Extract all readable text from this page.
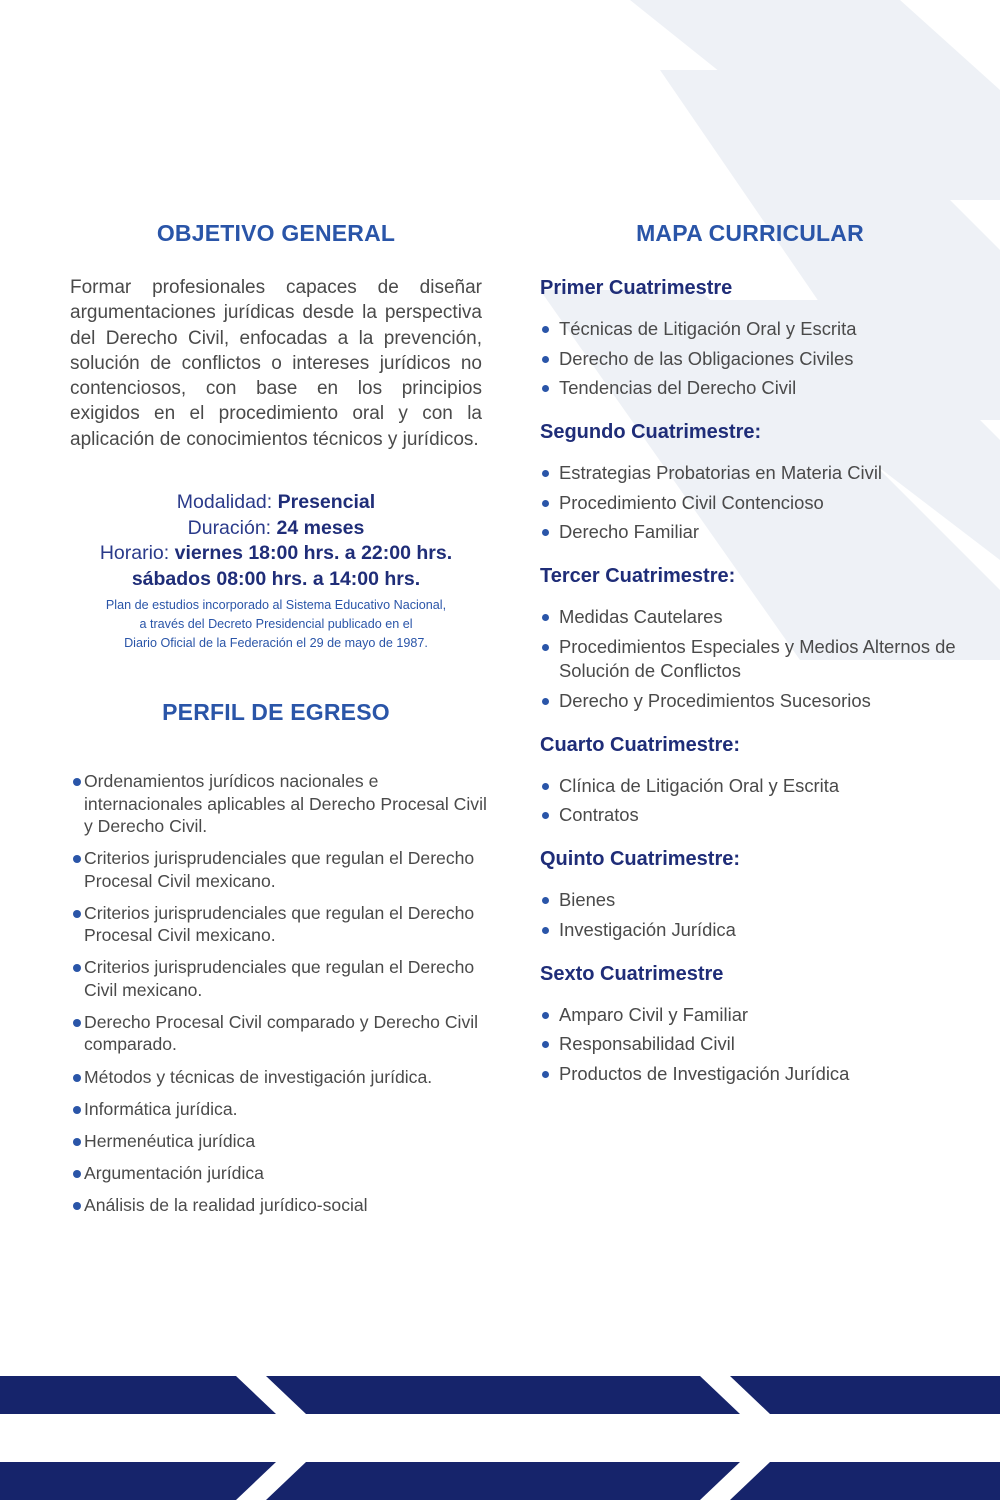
OBJETIVO GENERAL

Formar profesionales capaces de diseñar argumentaciones jurídicas desde la perspectiva del Derecho Civil, enfocadas a la prevención, solución de conflictos o intereses jurídicos no contenciosos, con base en los principios exigidos en el procedimiento oral y con la aplicación de conocimientos técnicos y jurídicos.

Modalidad: Presencial
Duración: 24 meses
Horario: viernes 18:00 hrs. a 22:00 hrs.
sábados 08:00 hrs. a 14:00 hrs.
Plan de estudios incorporado al Sistema Educativo Nacional,
a través del Decreto Presidencial publicado en el
Diario Oficial de la Federación el 29 de mayo de 1987.
PERFIL DE EGRESO
Ordenamientos jurídicos nacionales e internacionales aplicables al Derecho Procesal Civil y Derecho Civil.
Criterios jurisprudenciales que regulan el Derecho Procesal Civil mexicano.
Criterios jurisprudenciales que regulan el Derecho Procesal Civil mexicano.
Criterios jurisprudenciales que regulan el Derecho Civil mexicano.
Derecho Procesal Civil comparado y Derecho Civil comparado.
Métodos y técnicas de investigación jurídica.
Informática jurídica.
Hermenéutica jurídica
Argumentación jurídica
Análisis de la realidad jurídico-social
MAPA CURRICULAR
Primer Cuatrimestre
Técnicas de Litigación Oral y Escrita
Derecho de las Obligaciones Civiles
Tendencias del Derecho Civil
Segundo Cuatrimestre:
Estrategias Probatorias en Materia Civil
Procedimiento Civil Contencioso
Derecho Familiar
Tercer Cuatrimestre:
Medidas Cautelares
Procedimientos Especiales y Medios Alternos de Solución de Conflictos
Derecho y Procedimientos Sucesorios
Cuarto Cuatrimestre:
Clínica de Litigación Oral y Escrita
Contratos
Quinto Cuatrimestre:
Bienes
Investigación Jurídica
Sexto Cuatrimestre
Amparo Civil y Familiar
Responsabilidad Civil
Productos de Investigación Jurídica
